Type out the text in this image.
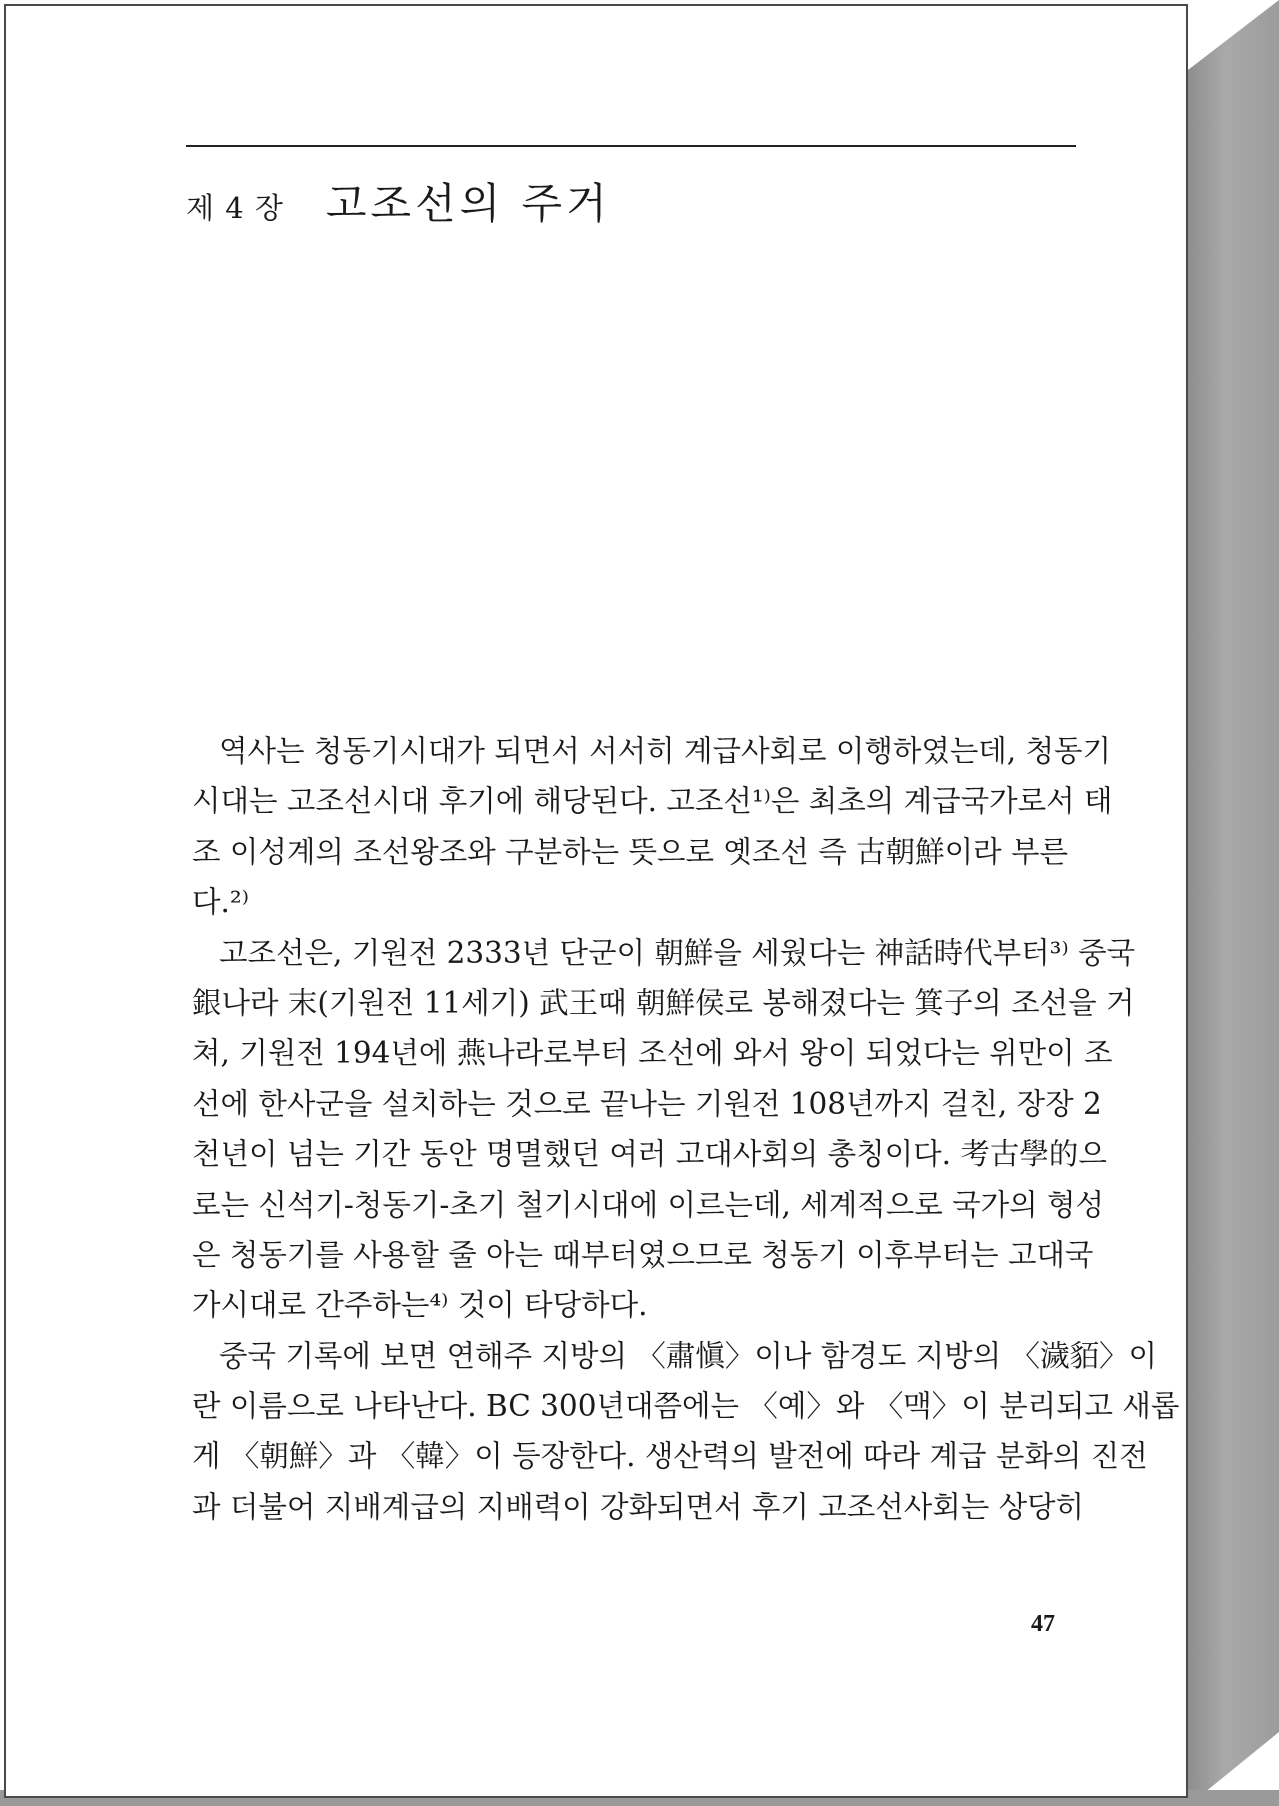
제 4 장 고조선의 주거
역사는 청동기시대가 되면서 서서히 계급사회로 이행하였는데, 청동기
시대는 고조선시대 후기에 해당된다. 고조선¹⁾은 최초의 계급국가로서 태
조 이성계의 조선왕조와 구분하는 뜻으로 옛조선 즉 古朝鮮이라 부른
다.²⁾
고조선은, 기원전 2333년 단군이 朝鮮을 세웠다는 神話時代부터³⁾ 중국
銀나라 末(기원전 11세기) 武王때 朝鮮侯로 봉해졌다는 箕子의 조선을 거
쳐, 기원전 194년에 燕나라로부터 조선에 와서 왕이 되었다는 위만이 조
선에 한사군을 설치하는 것으로 끝나는 기원전 108년까지 걸친, 장장 2
천년이 넘는 기간 동안 명멸했던 여러 고대사회의 총칭이다. 考古學的으
로는 신석기-청동기-초기 철기시대에 이르는데, 세계적으로 국가의 형성
은 청동기를 사용할 줄 아는 때부터였으므로 청동기 이후부터는 고대국
가시대로 간주하는⁴⁾ 것이 타당하다.
중국 기록에 보면 연해주 지방의 〈肅愼〉이나 함경도 지방의 〈濊貊〉이
란 이름으로 나타난다. BC 300년대쯤에는 〈예〉와 〈맥〉이 분리되고 새롭
게 〈朝鮮〉과 〈韓〉이 등장한다. 생산력의 발전에 따라 계급 분화의 진전
과 더불어 지배계급의 지배력이 강화되면서 후기 고조선사회는 상당히
47
